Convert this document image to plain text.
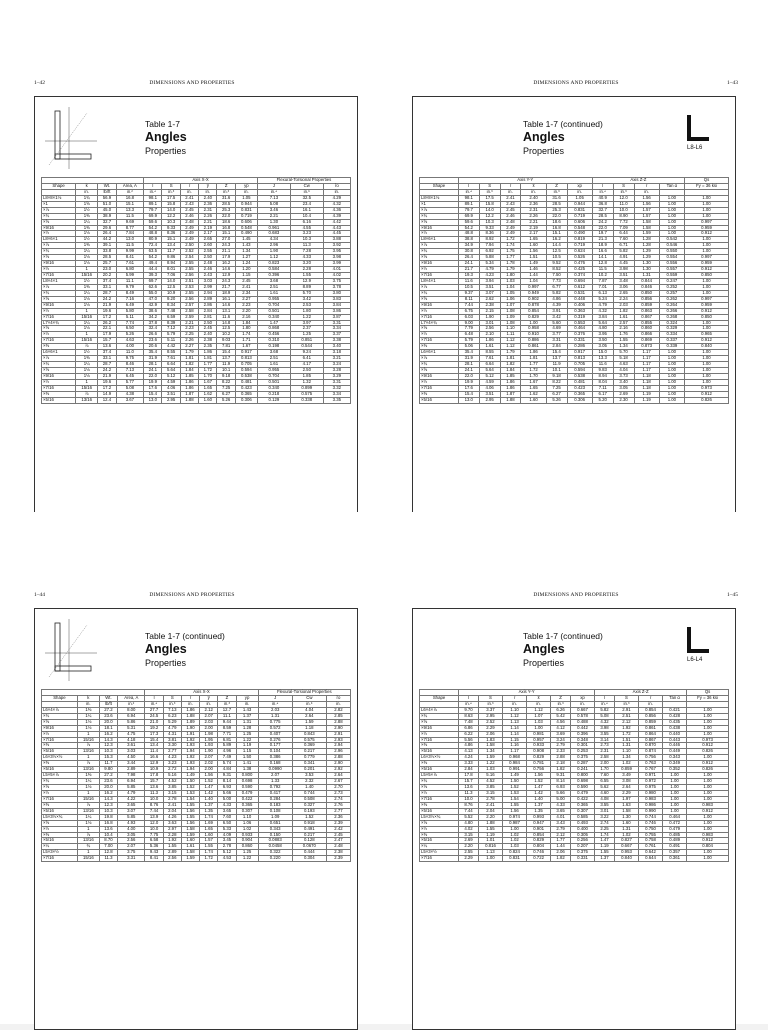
1–42	DIMENSIONS AND PROPERTIES
Table 1-7
Angles
Properties
				Axis X-X						Flexural-Torsional Properties		
Shape	k	Wt.	Area, A	I	S	r	ȳ	Z	yp	J	Cw	r̄o
	in.	lb/ft	in.²	in.⁴	in.³	in.	in.	in.³	in.	in.⁴	in.⁶	in.
L8×8×1⅛	1¾	56.9	16.8	98.1	17.5	2.41	2.40	31.6	1.05	7.13	32.5	4.29
×1	1⅝	51.0	15.1	89.1	15.8	2.43	2.36	28.5	0.944	5.08	23.4	4.32
×⅞	1½	45.0	13.3	79.7	14.0	2.45	2.31	25.3	0.831	3.46	16.1	4.36
×¾	1⅜	38.9	11.5	69.9	12.2	2.46	2.26	22.0	0.719	2.21	10.4	4.39
×⅝	1¼	32.7	9.69	59.6	10.3	2.48	2.21	18.6	0.606	1.30	6.16	4.42
×9/16	1⅜	29.6	8.77	54.2	9.33	2.49	2.19	16.8	0.548	0.961	4.55	4.43
×½	1⅛	26.4	7.84	48.8	8.36	2.49	2.17	15.1	0.490	0.683	3.23	4.45
L8×6×1	1½	44.2	13.0	80.9	15.1	2.49	2.65	27.0	1.45	4.34	10.3	3.88
×⅞	1⅜	39.1	11.5	72.4	13.4	2.50	2.60	24.3	1.43	2.96	11.3	3.92
×¾	1¼	33.8	9.99	63.5	11.7	2.52	2.55	21.1	1.34	1.90	7.28	3.95
×⅝	1⅛	28.5	8.41	54.2	9.86	2.54	2.50	17.9	1.27	1.12	4.33	3.98
×9/16	1⅛	25.7	7.61	49.4	8.94	2.55	2.48	16.2	1.24	0.823	3.20	3.99
×½	1	23.0	6.80	44.4	8.01	2.55	2.46	14.6	1.20	0.584	2.28	4.01
×7/16	15/16	20.2	5.99	39.3	7.06	2.56	2.43	12.9	1.15	0.396	1.55	4.02
L8×4×1	1½	37.4	11.1	69.7	14.0	2.51	3.03	24.3	2.45	3.68	12.9	3.75
×⅞	1⅜	33.1	9.79	62.6	12.5	2.53	2.99	21.7	2.41	2.51	8.89	3.78
×¾	1¼	28.7	8.49	55.0	10.9	2.55	2.94	18.9	2.34	1.61	5.70	3.80
×⅝	1⅛	24.2	7.16	47.0	9.20	2.56	2.89	16.1	2.27	0.955	3.42	3.83
×9/16	1⅛	21.9	6.49	42.9	8.34	2.57	2.86	14.6	2.23	0.704	2.53	3.84
×½	1	19.6	5.80	38.6	7.48	2.58	2.84	13.1	2.20	0.501	1.80	3.86
×7/16	15/16	17.2	5.11	34.2	6.59	2.59	2.81	11.6	2.16	0.340	1.22	3.87
L7×4×¾	1¼	26.2	7.74	37.8	8.39	2.21	2.50	14.8	1.84	1.47	3.97	3.31
×⅝	1⅛	22.1	6.50	32.4	7.12	2.23	2.45	12.5	1.80	0.868	2.37	3.34
×½	1	17.9	5.26	26.6	5.79	2.25	2.40	10.2	1.74	0.456	1.25	3.37
×7/16	15/16	15.7	4.63	23.6	5.11	2.26	2.38	9.03	1.71	0.310	0.851	3.38
×⅜	⅞	13.6	4.00	20.6	4.42	2.27	2.35	7.81	1.67	0.198	0.544	3.40
L6×6×1	1½	37.4	11.0	35.4	8.55	1.79	1.86	15.4	0.917	3.68	9.24	3.18
×⅞	1⅜	33.1	9.75	31.9	7.61	1.81	1.81	13.7	0.813	2.51	6.41	3.21
×¾	1¼	28.7	8.46	28.1	6.64	1.82	1.77	11.9	0.705	1.61	4.17	3.24
×⅝	1⅛	24.2	7.13	24.1	5.64	1.84	1.72	10.1	0.594	0.955	2.50	3.28
×9/16	1⅛	21.9	6.45	22.0	5.12	1.85	1.70	9.18	0.538	0.704	1.85	3.29
×½	1	19.6	5.77	19.9	4.59	1.86	1.67	8.22	0.481	0.501	1.32	3.31
×7/16	15/16	17.2	5.08	17.6	4.06	1.86	1.65	7.25	0.423	0.340	0.899	3.32
×⅜	⅞	14.9	4.38	15.4	3.51	1.87	1.62	6.27	0.365	0.218	0.575	3.34
×5/16	13/16	12.4	3.67	13.0	2.95	1.88	1.60	5.26	0.306	0.129	0.338	3.35
DIMENSIONS AND PROPERTIES	1–43
Table 1-7 (continued)
Angles
Properties	L8-L6
	Axis Y-Y						Axis Z-Z				Qs
Shape	I	S	r	x̄	Z	xp	I	S	r	Tan α	Fy = 36 ksi
	in.⁴	in.³	in.	in.	in.³	in.	in.⁴	in.³	in.		
L8×8×1⅛	98.1	17.5	2.41	2.40	31.6	1.05	40.9	12.0	1.56	1.00	1.00
×1	89.1	15.8	2.43	2.36	28.5	0.944	36.8	11.0	1.56	1.00	1.00
×⅞	79.7	14.0	2.45	2.31	25.3	0.831	32.7	10.0	1.57	1.00	1.00
×¾	69.9	12.2	2.46	2.26	22.0	0.719	28.5	8.90	1.57	1.00	1.00
×⅝	59.6	10.3	2.48	2.21	18.6	0.606	24.2	7.72	1.58	1.00	0.997
×9/16	54.2	9.33	2.49	2.19	16.8	0.548	22.0	7.09	1.58	1.00	0.959
×½	48.8	8.36	2.49	2.17	15.1	0.490	19.7	6.44	1.59	1.00	0.912
L8×6×1	38.8	8.92	1.72	1.65	16.2	0.819	21.3	7.60	1.28	0.542	1.00
×⅞	34.9	7.94	1.74	1.60	14.4	0.719	18.9	6.71	1.28	0.546	1.00
×¾	30.8	6.92	1.75	1.56	12.5	0.624	16.6	5.82	1.29	0.550	1.00
×⅝	26.4	5.88	1.77	1.51	10.5	0.526	14.1	4.91	1.29	0.554	0.997
×9/16	24.1	5.34	1.78	1.49	9.52	0.476	12.8	4.45	1.30	0.556	0.959
×½	21.7	4.79	1.79	1.46	8.52	0.425	11.5	3.98	1.30	0.557	0.912
×7/16	19.3	4.23	1.80	1.44	7.50	0.374	10.2	3.51	1.31	0.559	0.850
L8×4×1	11.6	3.94	1.03	1.04	7.73	0.694	7.87	3.48	0.844	0.247	1.00
×⅞	10.5	3.51	1.04	0.997	6.77	0.612	7.01	3.06	0.846	0.252	1.00
×¾	9.37	3.07	1.05	0.949	5.82	0.531	6.13	2.65	0.850	0.257	1.00
×⅝	8.11	2.62	1.06	0.902	4.86	0.448	5.24	2.24	0.856	0.262	0.997
×9/16	7.44	2.38	1.07	0.878	4.39	0.406	4.79	2.03	0.859	0.264	0.959
×½	6.75	2.15	1.08	0.854	3.91	0.363	4.32	1.82	0.863	0.266	0.912
×7/16	6.03	1.90	1.09	0.829	3.42	0.319	3.84	1.61	0.867	0.268	0.850
L7×4×¾	9.00	3.01	1.08	1.00	5.60	0.553	5.64	2.57	0.855	0.324	1.00
×⅝	7.79	2.56	1.10	0.958	4.69	0.464	4.80	2.16	0.860	0.329	1.00
×½	6.48	2.10	1.11	0.910	3.77	0.376	3.95	1.76	0.866	0.334	0.965
×7/16	5.79	1.86	1.12	0.886	3.31	0.331	3.50	1.55	0.869	0.337	0.912
×⅜	5.06	1.61	1.12	0.861	2.84	0.286	3.05	1.34	0.873	0.339	0.840
L6×6×1	35.4	8.55	1.79	1.86	15.4	0.917	15.0	5.70	1.17	1.00	1.00
×⅞	31.9	7.61	1.81	1.81	13.7	0.813	13.3	5.18	1.17	1.00	1.00
×¾	28.1	6.64	1.82	1.77	11.9	0.705	11.6	4.63	1.17	1.00	1.00
×⅝	24.1	5.64	1.84	1.72	10.1	0.594	9.83	4.04	1.17	1.00	1.00
×9/16	22.0	5.12	1.85	1.70	9.18	0.538	8.94	3.73	1.18	1.00	1.00
×½	19.9	4.59	1.86	1.67	8.22	0.481	8.04	3.40	1.18	1.00	1.00
×7/16	17.6	4.06	1.86	1.65	7.25	0.423	7.11	3.05	1.18	1.00	0.973
×⅜	15.4	3.51	1.87	1.62	6.27	0.365	6.17	2.69	1.19	1.00	0.912
×5/16	13.0	2.95	1.88	1.60	5.26	0.306	5.20	2.30	1.19	1.00	0.826
1–44	DIMENSIONS AND PROPERTIES
Table 1-7 (continued)
Angles
Properties
				Axis X-X						Flexural-Torsional Properties		
Shape	k	Wt.	Area, A	I	S	r	ȳ	Z	yp	J	Cw	r̄o
	in.	lb/ft	in.²	in.⁴	in.³	in.	in.	in.³	in.	in.⁴	in.⁶	in.
L6×4×⅞	1⅜	27.2	8.00	27.7	7.13	1.86	2.12	12.7	1.43	2.03	4.04	2.82
×¾	1¼	23.6	6.94	24.5	6.23	1.88	2.07	11.1	1.37	1.31	2.64	2.85
×⅝	1⅛	20.0	5.86	21.0	5.29	1.89	2.03	9.44	1.31	0.775	1.59	2.88
×9/16	1⅛	18.1	5.31	19.2	4.79	1.90	2.00	8.59	1.28	0.572	1.18	2.90
×½	1	16.2	4.75	17.3	4.31	1.91	1.98	7.71	1.25	0.407	0.843	2.91
×7/16	15/16	14.3	4.18	15.4	3.81	1.92	1.95	6.81	1.22	0.276	0.575	2.93
×⅜	⅞	12.3	3.61	13.4	3.30	1.93	1.93	5.89	1.19	0.177	0.369	2.94
×5/16	13/16	10.3	3.03	11.4	2.77	1.94	1.90	4.96	1.15	0.104	0.217	2.96
L6×3½×½	1	15.3	4.50	16.6	4.23	1.92	2.07	7.49	1.50	0.386	0.779	2.88
×⅜	⅞	11.7	3.44	12.9	3.23	1.93	2.02	5.74	1.41	0.168	0.341	2.90
×5/16	13/16	9.80	2.89	10.9	2.72	1.94	2.00	4.84	1.38	0.0990	0.201	2.92
L5×5×⅞	1⅜	27.2	7.98	17.8	5.16	1.49	1.56	9.31	0.800	2.07	3.53	2.64
×¾	1¼	23.6	6.94	15.7	4.52	1.50	1.52	8.14	0.698	1.33	2.32	2.67
×⅝	1⅛	20.0	5.85	13.6	3.85	1.52	1.47	6.93	0.590	0.792	1.40	2.70
×½	1	16.2	4.79	11.3	3.15	1.53	1.42	5.66	0.479	0.417	0.744	2.73
×7/16	15/16	14.3	4.22	10.0	2.78	1.54	1.40	5.00	0.422	0.284	0.508	2.74
×⅜	⅞	12.3	3.65	8.76	2.41	1.55	1.37	4.33	0.365	0.183	0.327	2.76
×5/16	13/16	10.3	3.07	7.44	2.04	1.56	1.35	3.65	0.307	0.108	0.193	2.77
L5×3½×¾	1¼	19.8	5.85	13.9	4.26	1.55	1.74	7.60	1.10	1.09	1.52	2.36
×⅝	1⅛	16.8	4.93	12.0	3.63	1.56	1.69	6.50	1.06	0.651	0.918	2.39
×½	1	13.6	4.00	10.0	2.97	1.58	1.65	5.33	1.02	0.343	0.491	2.42
×⅜	⅞	10.4	3.05	7.75	2.28	1.59	1.60	4.09	0.933	0.150	0.217	2.45
×5/16	13/16	8.70	2.56	6.58	1.92	1.60	1.57	3.45	0.904	0.0883	0.128	2.47
×¼	¾	7.00	2.07	5.36	1.55	1.61	1.55	2.78	0.860	0.0458	0.0670	2.48
L5×3×½	1	12.8	3.75	9.43	2.89	1.58	1.74	5.12	1.25	0.322	0.444	2.38
×7/16	15/16	11.3	3.31	8.41	2.56	1.59	1.72	4.53	1.22	0.220	0.304	2.39
DIMENSIONS AND PROPERTIES	1–45
Table 1-7 (continued)
Angles
Properties	L6-L4
	Axis Y-Y						Axis Z-Z				Qs
Shape	I	S	r	x̄	Z	xp	I	S	r	Tan α	Fy = 36 ksi
	in.⁴	in.³	in.	in.	in.³	in.	in.⁴	in.³	in.		
L6×4×⅞	9.70	3.37	1.10	1.12	6.26	0.667	5.82	2.91	0.854	0.421	1.00
×¾	8.63	2.95	1.12	1.07	5.42	0.578	5.08	2.51	0.856	0.428	1.00
×⅝	7.48	2.52	1.13	1.03	4.56	0.488	4.32	2.12	0.859	0.435	1.00
×9/16	6.86	2.29	1.14	1.00	4.12	0.442	3.98	1.92	0.861	0.438	1.00
×½	6.22	2.06	1.14	0.981	3.69	0.396	3.55	1.72	0.864	0.440	1.00
×7/16	5.56	1.83	1.15	0.957	3.24	0.348	3.14	1.51	0.867	0.443	0.973
×⅜	4.86	1.58	1.16	0.933	2.79	0.301	2.73	1.31	0.870	0.446	0.912
×5/16	4.13	1.34	1.17	0.908	2.33	0.253	2.31	1.10	0.874	0.449	0.826
L6×3½×½	4.24	1.59	0.968	0.829	2.88	0.375	2.58	1.34	0.756	0.343	1.00
×⅜	3.33	1.22	0.984	0.781	2.18	0.287	2.00	1.02	0.763	0.349	0.912
×5/16	2.84	1.03	0.991	0.756	1.82	0.241	1.70	0.859	0.767	0.352	0.826
L5×5×⅞	17.8	5.16	1.49	1.56	9.31	0.800	7.60	3.49	0.971	1.00	1.00
×¾	15.7	4.52	1.50	1.52	8.14	0.698	6.55	3.08	0.972	1.00	1.00
×⅝	13.6	3.85	1.52	1.47	6.93	0.590	5.62	2.64	0.975	1.00	1.00
×½	11.3	3.15	1.53	1.42	5.66	0.479	4.60	2.29	0.980	1.00	1.00
×7/16	10.0	2.78	1.54	1.40	5.00	0.422	4.08	1.97	0.983	1.00	1.00
×⅜	8.76	2.41	1.55	1.37	4.33	0.365	3.55	1.63	0.986	1.00	0.983
×5/16	7.44	2.04	1.56	1.35	3.65	0.307	3.01	1.58	0.990	1.00	0.912
L5×3½×¾	5.52	2.20	0.974	0.993	4.01	0.585	3.22	1.30	0.744	0.464	1.00
×⅝	4.80	1.88	0.987	0.947	3.43	0.493	2.74	1.60	0.746	0.472	1.00
×½	4.02	1.55	1.00	0.901	2.79	0.400	2.25	1.31	0.750	0.479	1.00
×⅜	3.15	1.19	1.02	0.854	2.12	0.305	1.74	1.02	0.755	0.485	0.983
×5/16	2.69	1.01	1.02	0.829	1.77	0.256	1.47	0.827	0.758	0.489	0.912
×¼	2.20	0.816	1.03	0.804	1.44	0.207	1.19	0.667	0.761	0.491	0.804
L5×3×½	2.55	1.13	0.824	0.746	2.06	0.375	1.55	0.953	0.642	0.357	1.00
×7/16	2.29	1.00	0.831	0.722	1.82	0.331	1.37	0.840	0.644	0.361	1.00
